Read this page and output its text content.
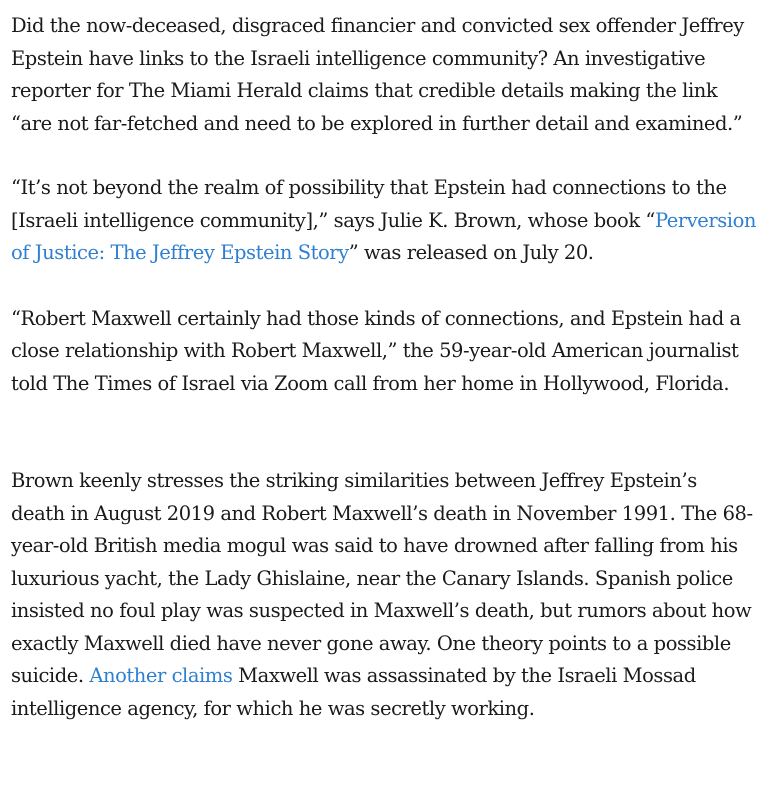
Did the now-deceased, disgraced financier and convicted sex offender Jeffrey Epstein have links to the Israeli intelligence community? An investigative reporter for The Miami Herald claims that credible details making the link “are not far-fetched and need to be explored in further detail and examined.”

“It’s not beyond the realm of possibility that Epstein had connections to the [Israeli intelligence community],” says Julie K. Brown, whose book “Perversion of Justice: The Jeffrey Epstein Story” was released on July 20.

“Robert Maxwell certainly had those kinds of connections, and Epstein had a close relationship with Robert Maxwell,” the 59-year-old American journalist told The Times of Israel via Zoom call from her home in Hollywood, Florida.

Brown keenly stresses the striking similarities between Jeffrey Epstein’s death in August 2019 and Robert Maxwell’s death in November 1991. The 68-year-old British media mogul was said to have drowned after falling from his luxurious yacht, the Lady Ghislaine, near the Canary Islands. Spanish police insisted no foul play was suspected in Maxwell’s death, but rumors about how exactly Maxwell died have never gone away. One theory points to a possible suicide. Another claims Maxwell was assassinated by the Israeli Mossad intelligence agency, for which he was secretly working.
